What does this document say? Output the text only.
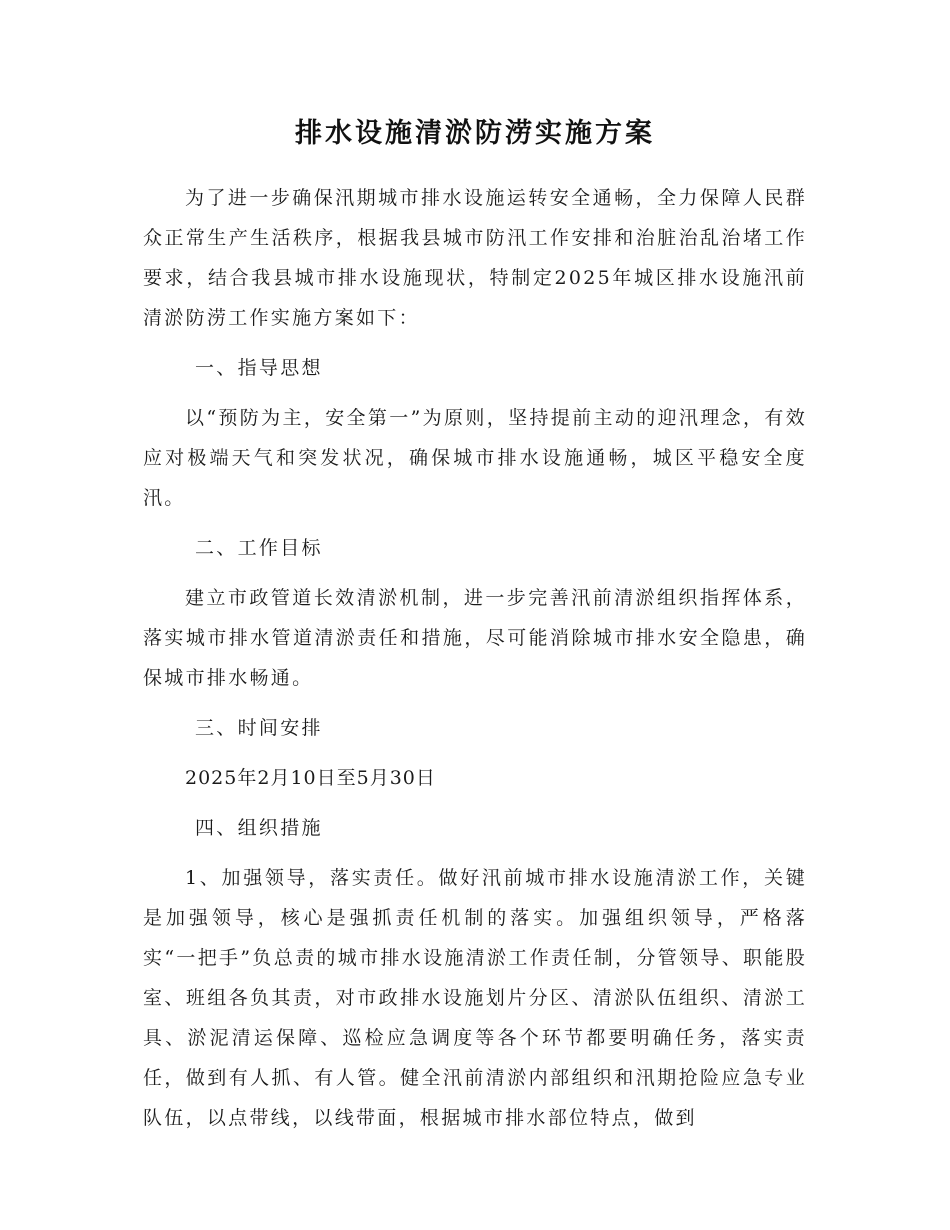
排水设施清淤防涝实施方案

为了进一步确保汛期城市排水设施运转安全通畅，全力保障人民群众正常生产生活秩序，根据我县城市防汛工作安排和治脏治乱治堵工作要求，结合我县城市排水设施现状，特制定2025年城区排水设施汛前清淤防涝工作实施方案如下：

一、指导思想

以“预防为主，安全第一”为原则，坚持提前主动的迎汛理念，有效应对极端天气和突发状况，确保城市排水设施通畅，城区平稳安全度汛。

二、工作目标

建立市政管道长效清淤机制，进一步完善汛前清淤组织指挥体系，落实城市排水管道清淤责任和措施，尽可能消除城市排水安全隐患，确保城市排水畅通。

三、时间安排
2025年2月10日至5月30日
四、组织措施

1、加强领导，落实责任。做好汛前城市排水设施清淤工作，关键是加强领导，核心是强抓责任机制的落实。加强组织领导，严格落实“一把手”负总责的城市排水设施清淤工作责任制，分管领导、职能股室、班组各负其责，对市政排水设施划片分区、清淤队伍组织、清淤工具、淤泥清运保障、巡检应急调度等各个环节都要明确任务，落实责任，做到有人抓、有人管。健全汛前清淤内部组织和汛期抢险应急专业队伍，以点带线，以线带面，根据城市排水部位特点，做到
